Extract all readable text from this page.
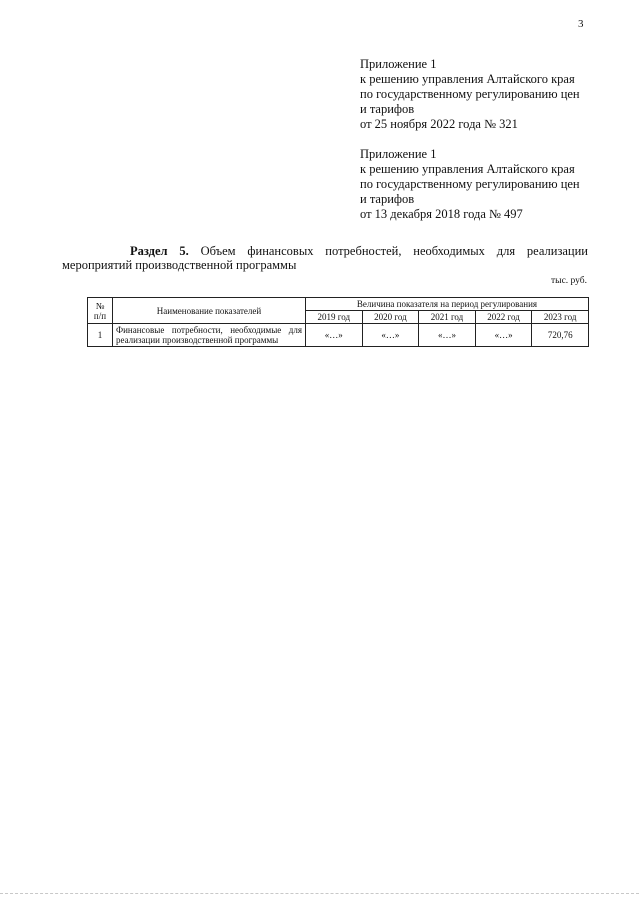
3
Приложение 1
к решению управления Алтайского края
по государственному регулированию цен
и тарифов
от 25 ноября 2022 года № 321
Приложение 1
к решению управления Алтайского края
по государственному регулированию цен
и тарифов
от 13 декабря 2018 года № 497
Раздел 5. Объем финансовых потребностей, необходимых для реализации
мероприятий производственной программы
тыс. руб.
№ п/п	Наименование показателей	Величина показателя на период регулирования				
		2019 год	2020 год	2021 год	2022 год	2023 год
1	Финансовые потребности, необходимые для реализации производственной программы	«…»	«…»	«…»	«…»	720,76
